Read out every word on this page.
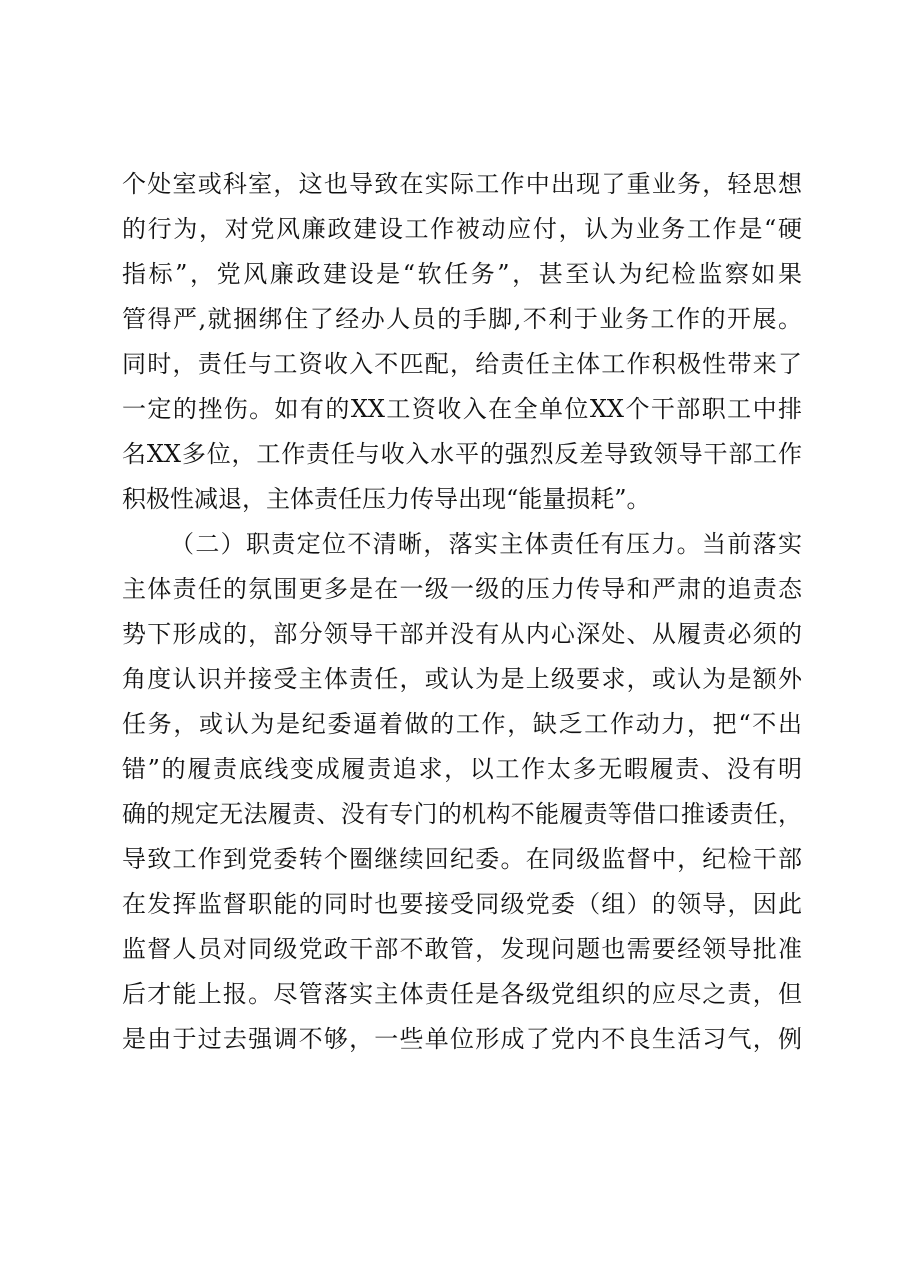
个处室或科室，这也导致在实际工作中出现了重业务，轻思想
的行为，对党风廉政建设工作被动应付，认为业务工作是“硬
指标”，党风廉政建设是“软任务”，甚至认为纪检监察如果
管得严,就捆绑住了经办人员的手脚,不利于业务工作的开展。
同时，责任与工资收入不匹配，给责任主体工作积极性带来了
一定的挫伤。如有的XX工资收入在全单位XX个干部职工中排
名XX多位，工作责任与收入水平的强烈反差导致领导干部工作
积极性减退，主体责任压力传导出现“能量损耗”。
（二）职责定位不清晰，落实主体责任有压力。当前落实
主体责任的氛围更多是在一级一级的压力传导和严肃的追责态
势下形成的，部分领导干部并没有从内心深处、从履责必须的
角度认识并接受主体责任，或认为是上级要求，或认为是额外
任务，或认为是纪委逼着做的工作，缺乏工作动力，把“不出
错”的履责底线变成履责追求，以工作太多无暇履责、没有明
确的规定无法履责、没有专门的机构不能履责等借口推诿责任，
导致工作到党委转个圈继续回纪委。在同级监督中，纪检干部
在发挥监督职能的同时也要接受同级党委（组）的领导，因此
监督人员对同级党政干部不敢管，发现问题也需要经领导批准
后才能上报。尽管落实主体责任是各级党组织的应尽之责，但
是由于过去强调不够，一些单位形成了党内不良生活习气，例
